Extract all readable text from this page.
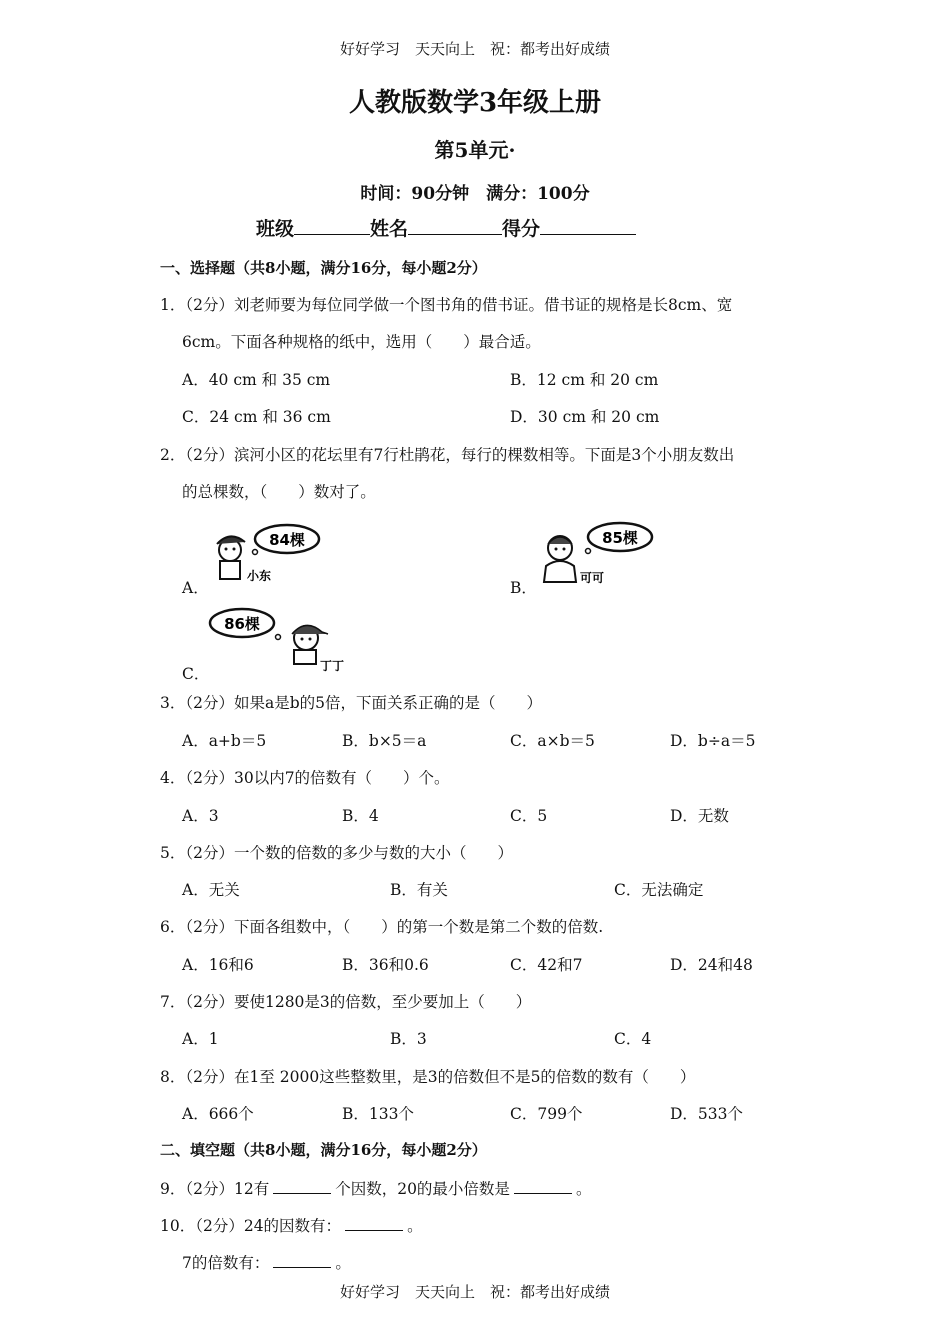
好好学习　天天向上　祝：都考出好成绩
人教版数学3年级上册
第5单元·
时间：90分钟　满分：100分
班级	姓名	得分
一、选择题（共8小题，满分16分，每小题2分）
1．（2分）刘老师要为每位同学做一个图书角的借书证。借书证的规格是长8cm、宽
6cm。下面各种规格的纸中，选用（　　）最合适。
A．40 cm 和 35 cm	B．12 cm 和 20 cm
C．24 cm 和 36 cm	D．30 cm 和 20 cm
2．（2分）滨河小区的花坛里有7行杜鹃花，每行的棵数相等。下面是3个小朋友数出
的总棵数，（　　）数对了。
A．
84棵
小东
B．
85棵
可可
C．
86棵
丁丁
3．（2分）如果a是b的5倍，下面关系正确的是（　　）
A．a+b＝5	B．b×5＝a	C．a×b＝5	D．b÷a＝5
4．（2分）30以内7的倍数有（　　）个。
A．3	B．4	C．5	D．无数
5．（2分）一个数的倍数的多少与数的大小（　　）
A．无关	B．有关	C．无法确定
6．（2分）下面各组数中，（　　）的第一个数是第二个数的倍数.
A．16和6	B．36和0.6	C．42和7	D．24和48
7．（2分）要使1280是3的倍数，至少要加上（　　）
A．1	B．3	C．4
8．（2分）在1至 2000这些整数里，是3的倍数但不是5的倍数的数有（　　）
A．666个	B．133个	C．799个	D．533个
二、填空题（共8小题，满分16分，每小题2分）
9．（2分）12有	个因数，20的最小倍数是	。
10．（2分）24的因数有：	。
7的倍数有：	。
好好学习　天天向上　祝：都考出好成绩
